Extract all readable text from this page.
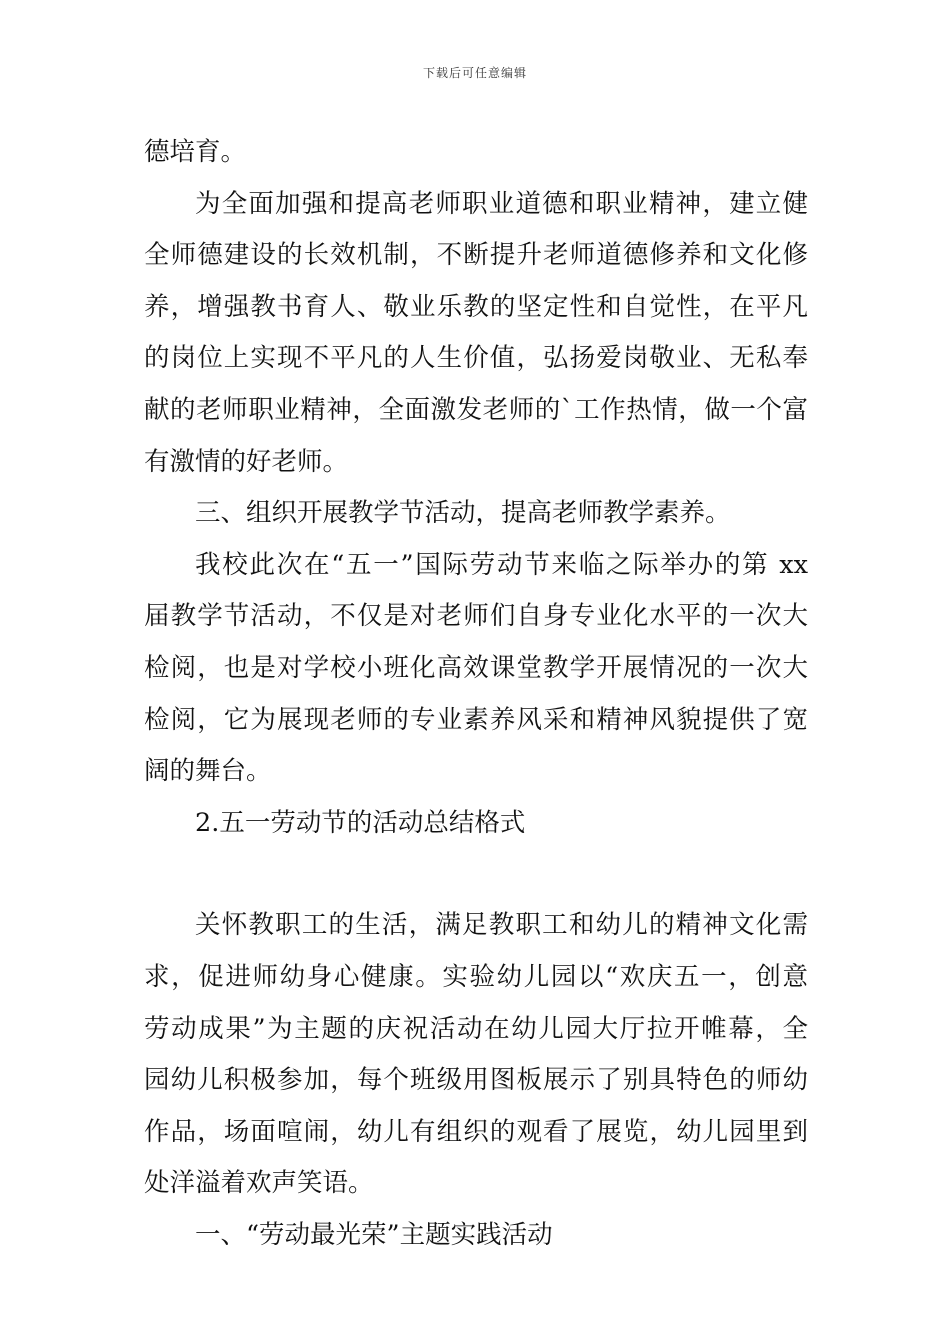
下载后可任意编辑

德培育。

为全面加强和提高老师职业道德和职业精神，建立健
全师德建设的长效机制，不断提升老师道德修养和文化修
养，增强教书育人、敬业乐教的坚定性和自觉性，在平凡
的岗位上实现不平凡的人生价值，弘扬爱岗敬业、无私奉
献的老师职业精神，全面激发老师的`工作热情，做一个富
有激情的好老师。

三、组织开展教学节活动，提高老师教学素养。

我校此次在“五一”国际劳动节来临之际举办的第 xx
届教学节活动，不仅是对老师们自身专业化水平的一次大
检阅，也是对学校小班化高效课堂教学开展情况的一次大
检阅，它为展现老师的专业素养风采和精神风貌提供了宽
阔的舞台。

2.五一劳动节的活动总结格式

关怀教职工的生活，满足教职工和幼儿的精神文化需
求，促进师幼身心健康。实验幼儿园以“欢庆五一，创意
劳动成果”为主题的庆祝活动在幼儿园大厅拉开帷幕，全
园幼儿积极参加，每个班级用图板展示了别具特色的师幼
作品，场面喧闹，幼儿有组织的观看了展览，幼儿园里到
处洋溢着欢声笑语。

一、“劳动最光荣”主题实践活动
